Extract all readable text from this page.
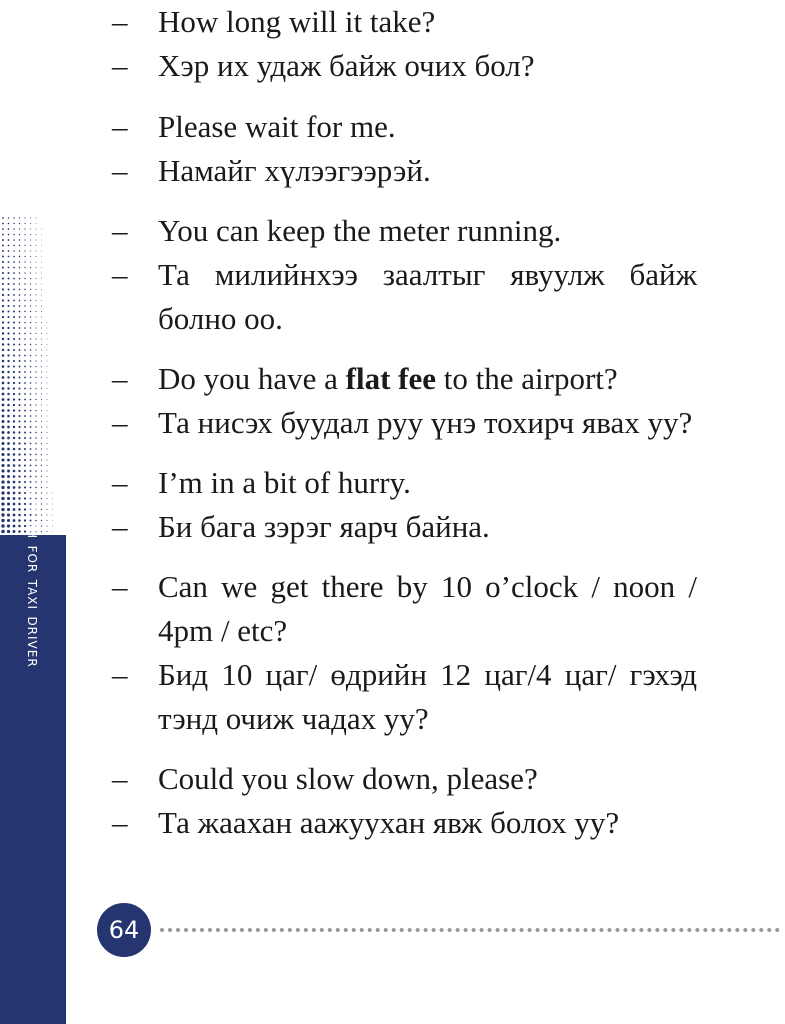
English for taxi driver
– How long will it take?
– Хэр их удаж байж очих бол?
– Please wait for me.
– Намайг хүлээгээрэй.
– You can keep the meter running.
– Та милийнхээ заалтыг явуулж байж болно оо.
– Do you have a flat fee to the airport?
– Та нисэх буудал руу үнэ тохирч явах уу?
– I’m in a bit of hurry.
– Би бага зэрэг яарч байна.
– Can we get there by 10 o’clock / noon / 4pm / etc?
– Бид 10 цаг/ өдрийн 12 цаг/4 цаг/ гэхэд тэнд очиж чадах уу?
– Could you slow down, please?
– Та жаахан аажуухан явж болох уу?
64
